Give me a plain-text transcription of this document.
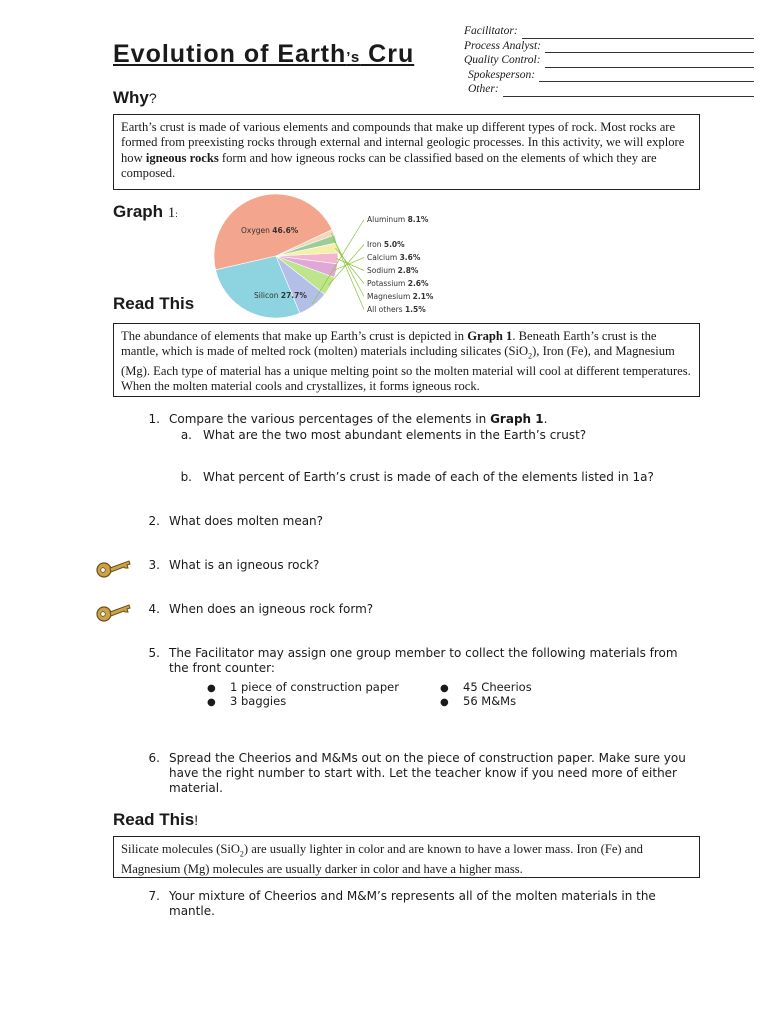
Evolution of Earth’s Cru
Facilitator:
Process Analyst:
Quality Control:
Spokesperson:
Other:
Why?
Earth’s crust is made of various elements and compounds that make up different types of rock. Most rocks are formed from preexisting rocks through external and internal geologic processes. In this activity, we will explore how igneous rocks form and how igneous rocks can be classified based on the elements of which they are composed.
Graph 1:
Oxygen 46.6%
Silicon 27.7%
Aluminum 8.1%
Iron 5.0%
Calcium 3.6%
Sodium 2.8%
Potassium 2.6%
Magnesium 2.1%
All others 1.5%
Read This
The abundance of elements that make up Earth’s crust is depicted in Graph 1. Beneath Earth’s crust is the mantle, which is made of melted rock (molten) materials including silicates (SiO$_2$), Iron (Fe), and Magnesium (Mg). Each type of material has a unique melting point so the molten material will cool at different temperatures. When the molten material cools and crystallizes, it forms igneous rock.
1. Compare the various percentages of the elements in Graph 1.
a. What are the two most abundant elements in the Earth’s crust?
b. What percent of Earth’s crust is made of each of the elements listed in 1a?
2. What does molten mean?
3. What is an igneous rock?
4. When does an igneous rock form?
5. The Facilitator may assign one group member to collect the following materials from the front counter:
6. Spread the Cheerios and M&Ms out on the piece of construction paper. Make sure you have the right number to start with. Let the teacher know if you need more of either material.
7. Your mixture of Cheerios and M&M’s represents all of the molten materials in the mantle.
● 1 piece of construction paper
● 3 baggies
● 45 Cheerios
● 56 M&Ms
Read This!
Silicate molecules (SiO$_2$) are usually lighter in color and are known to have a lower mass. Iron (Fe) and Magnesium (Mg) molecules are usually darker in color and have a higher mass.
